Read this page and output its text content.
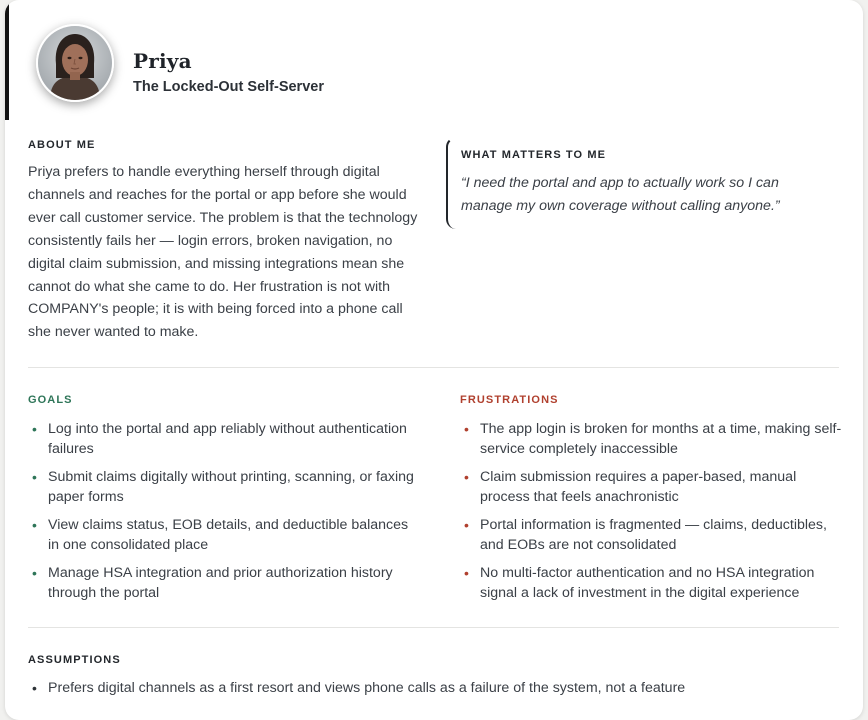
Priya
The Locked-Out Self-Server
ABOUT ME
Priya prefers to handle everything herself through digital channels and reaches for the portal or app before she would ever call customer service. The problem is that the technology consistently fails her — login errors, broken navigation, no digital claim submission, and missing integrations mean she cannot do what she came to do. Her frustration is not with COMPANY's people; it is with being forced into a phone call she never wanted to make.
WHAT MATTERS TO ME
“I need the portal and app to actually work so I can manage my own coverage without calling anyone.”
GOALS
• Log into the portal and app reliably without authentication failures
• Submit claims digitally without printing, scanning, or faxing paper forms
• View claims status, EOB details, and deductible balances in one consolidated place
• Manage HSA integration and prior authorization history through the portal
FRUSTRATIONS
• The app login is broken for months at a time, making self-service completely inaccessible
• Claim submission requires a paper-based, manual process that feels anachronistic
• Portal information is fragmented — claims, deductibles, and EOBs are not consolidated
• No multi-factor authentication and no HSA integration signal a lack of investment in the digital experience
ASSUMPTIONS
• Prefers digital channels as a first resort and views phone calls as a failure of the system, not a feature
